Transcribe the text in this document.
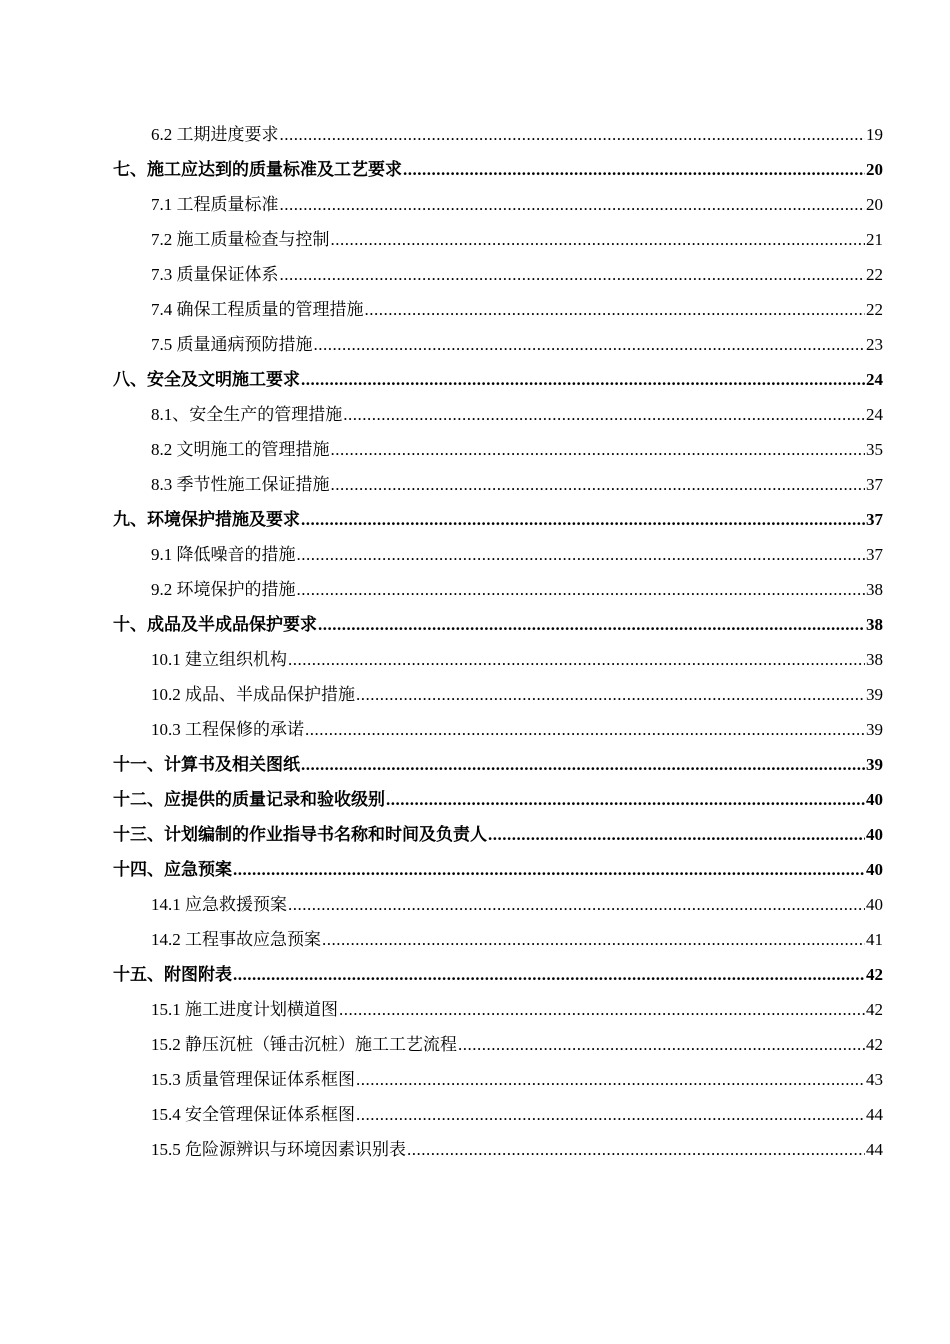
6.2 工期进度要求 .....	19
七、施工应达到的质量标准及工艺要求 .....	20
7.1 工程质量标准 .....	20
7.2 施工质量检查与控制 .....	21
7.3 质量保证体系 .....	22
7.4 确保工程质量的管理措施 .....	22
7.5 质量通病预防措施 .....	23
八、安全及文明施工要求 .....	24
8.1、安全生产的管理措施 .....	24
8.2 文明施工的管理措施 .....	35
8.3 季节性施工保证措施 .....	37
九、环境保护措施及要求 .....	37
9.1 降低噪音的措施 .....	37
9.2 环境保护的措施 .....	38
十、成品及半成品保护要求 .....	38
10.1 建立组织机构 .....	38
10.2 成品、半成品保护措施 .....	39
10.3 工程保修的承诺 .....	39
十一、计算书及相关图纸 .....	39
十二、应提供的质量记录和验收级别 .....	40
十三、计划编制的作业指导书名称和时间及负责人 .....	40
十四、应急预案 .....	40
14.1 应急救援预案 .....	40
14.2 工程事故应急预案 .....	41
十五、附图附表 .....	42
15.1 施工进度计划横道图 .....	42
15.2 静压沉桩（锤击沉桩）施工工艺流程 .....	42
15.3 质量管理保证体系框图 .....	43
15.4 安全管理保证体系框图 .....	44
15.5 危险源辨识与环境因素识别表 .....	44
